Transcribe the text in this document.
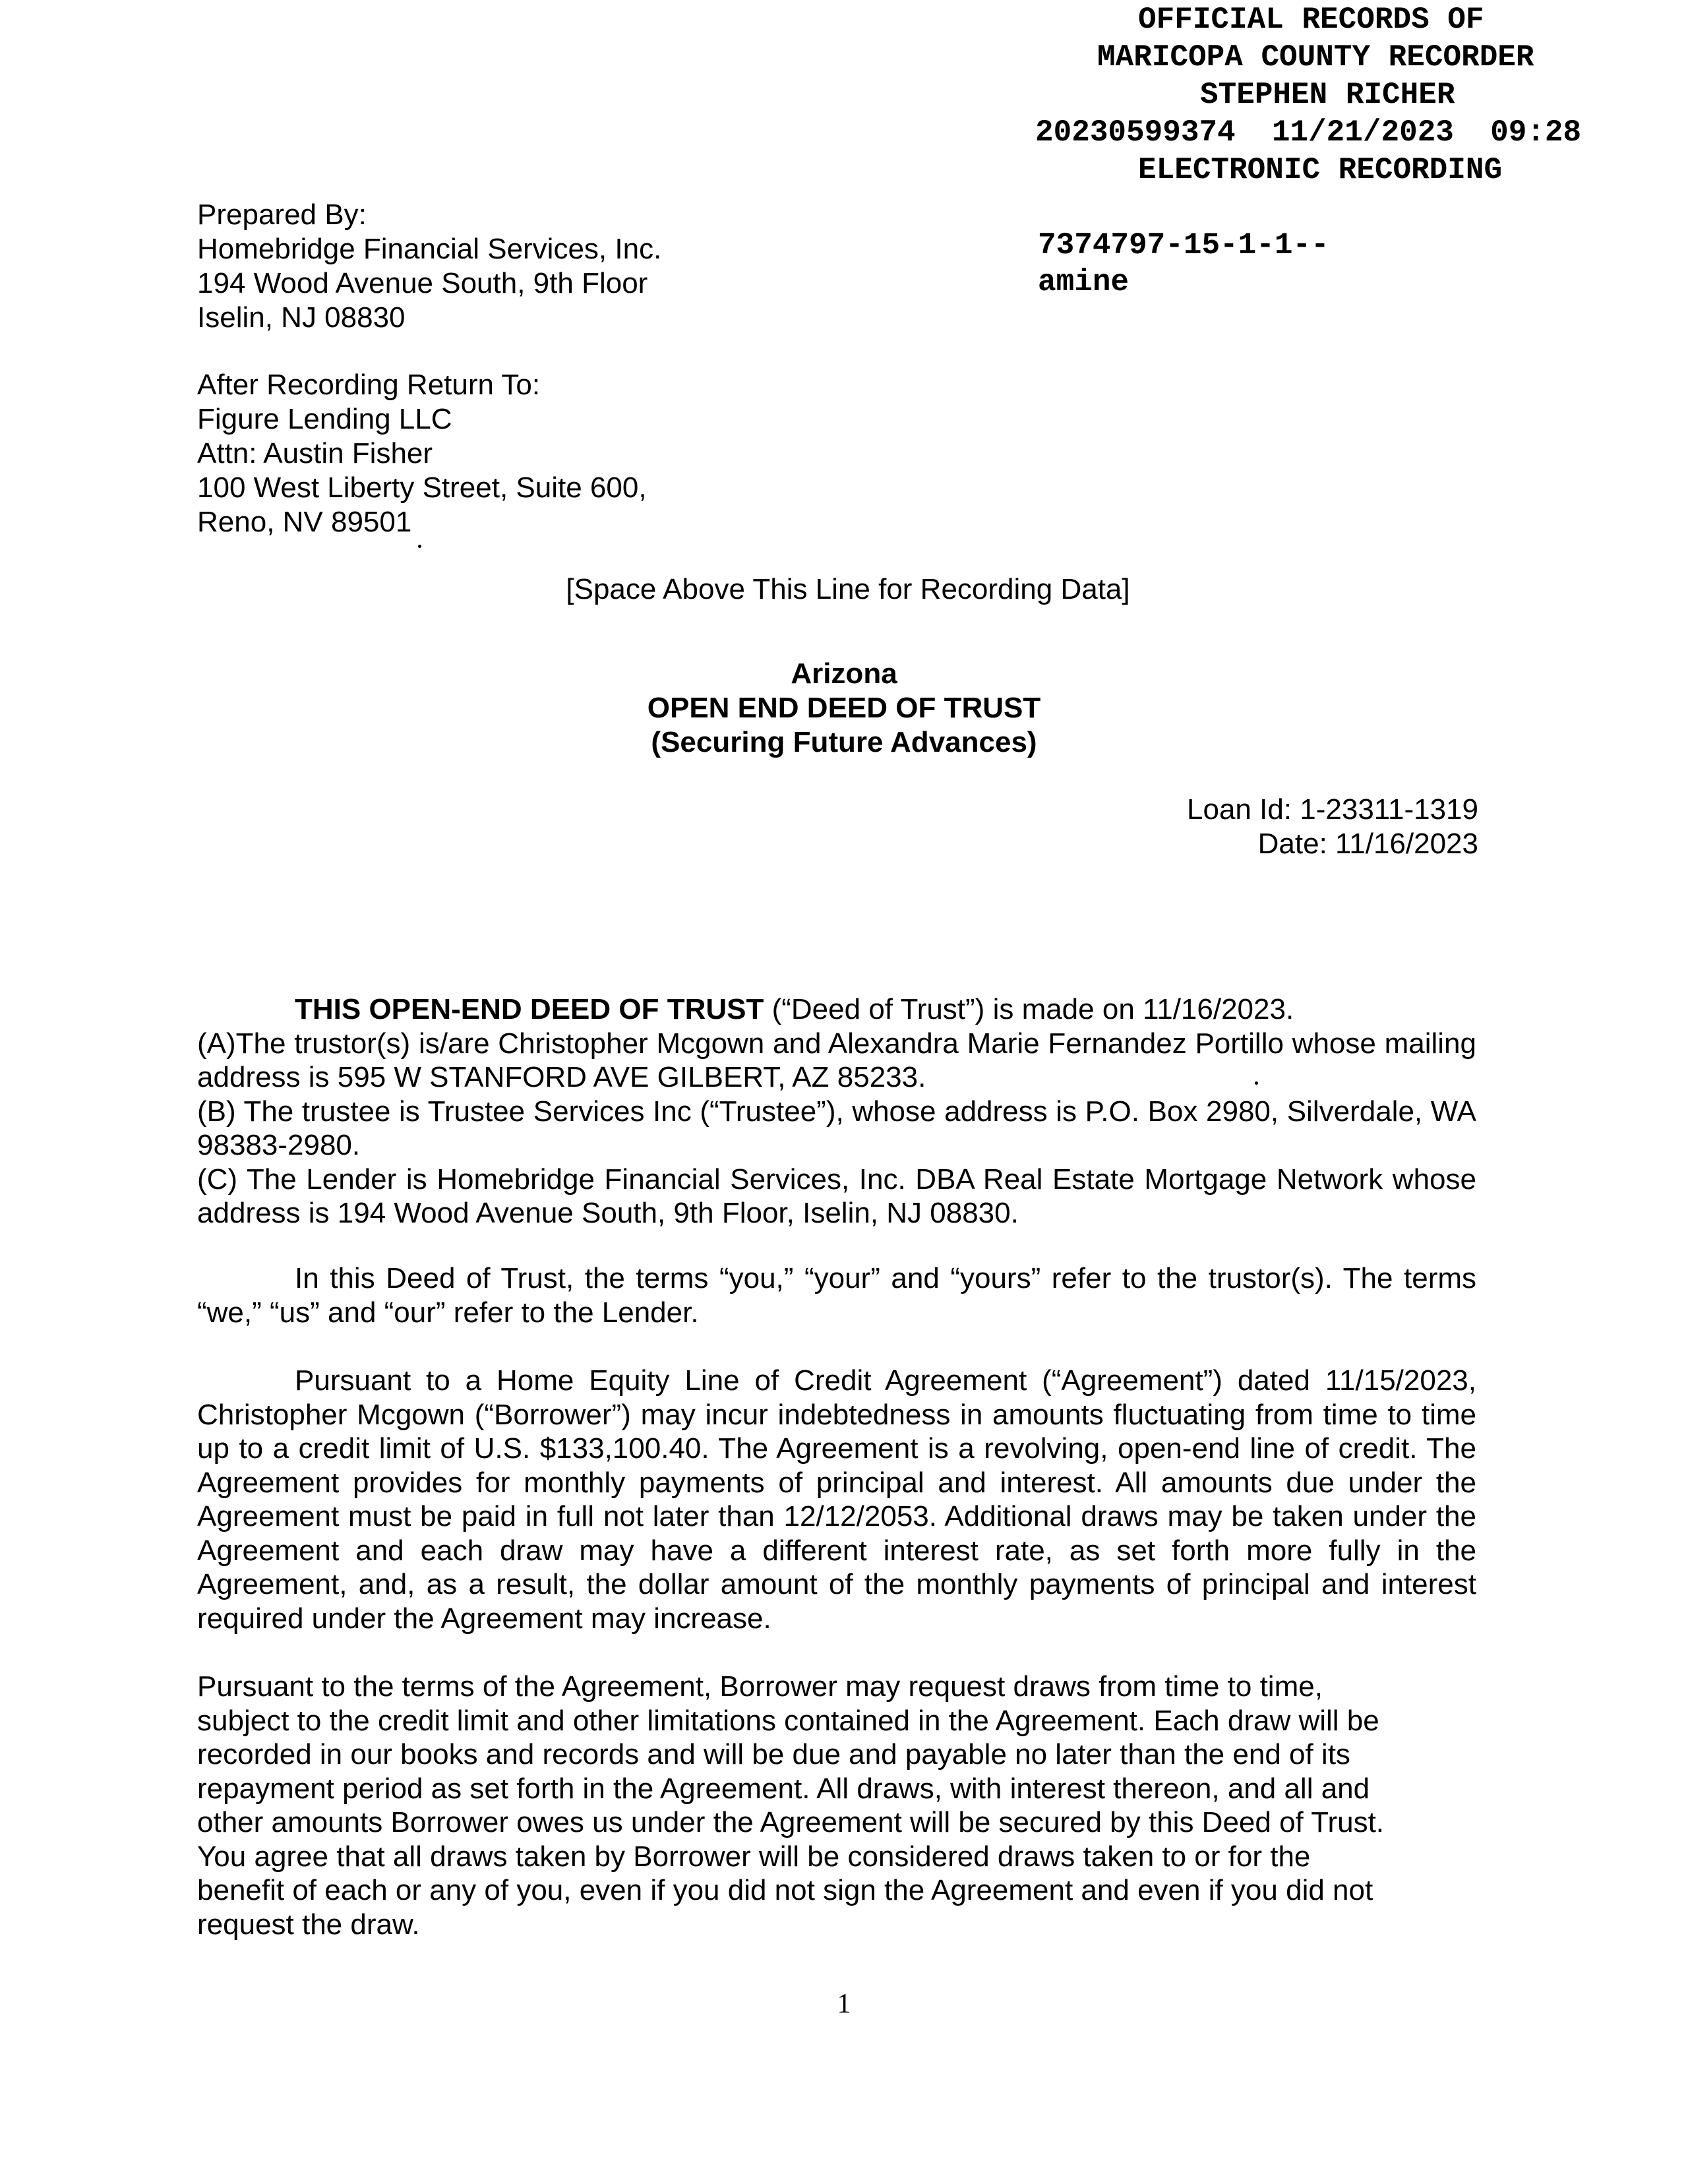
OFFICIAL RECORDS OF
MARICOPA COUNTY RECORDER
STEPHEN RICHER
20230599374  11/21/2023  09:28
ELECTRONIC RECORDING
7374797-15-1-1--
amine
Prepared By:
Homebridge Financial Services, Inc.
194 Wood Avenue South, 9th Floor
Iselin, NJ 08830
After Recording Return To:
Figure Lending LLC
Attn: Austin Fisher
100 West Liberty Street, Suite 600,
Reno, NV 89501
[Space Above This Line for Recording Data]
Arizona
OPEN END DEED OF TRUST
(Securing Future Advances)
Loan Id: 1-23311-1319
Date: 11/16/2023

THIS OPEN-END DEED OF TRUST (“Deed of Trust”) is made on 11/16/2023.

(A)The trustor(s) is/are Christopher Mcgown and Alexandra Marie Fernandez Portillo whose mailing address is 595 W STANFORD AVE GILBERT, AZ 85233.

(B) The trustee is Trustee Services Inc (“Trustee”), whose address is P.O. Box 2980, Silverdale, WA 98383-2980.

(C) The Lender is Homebridge Financial Services, Inc. DBA Real Estate Mortgage Network whose address is 194 Wood Avenue South, 9th Floor, Iselin, NJ 08830.

In this Deed of Trust, the terms “you,” “your” and “yours” refer to the trustor(s). The terms “we,” “us” and “our” refer to the Lender.

Pursuant to a Home Equity Line of Credit Agreement (“Agreement”) dated 11/15/2023, Christopher Mcgown (“Borrower”) may incur indebtedness in amounts fluctuating from time to time up to a credit limit of U.S. $133,100.40. The Agreement is a revolving, open-end line of credit. The Agreement provides for monthly payments of principal and interest. All amounts due under the Agreement must be paid in full not later than 12/12/2053. Additional draws may be taken under the Agreement and each draw may have a different interest rate, as set forth more fully in the Agreement, and, as a result, the dollar amount of the monthly payments of principal and interest required under the Agreement may increase.

Pursuant to the terms of the Agreement, Borrower may request draws from time to time, subject to the credit limit and other limitations contained in the Agreement. Each draw will be recorded in our books and records and will be due and payable no later than the end of its repayment period as set forth in the Agreement. All draws, with interest thereon, and all and other amounts Borrower owes us under the Agreement will be secured by this Deed of Trust. You agree that all draws taken by Borrower will be considered draws taken to or for the benefit of each or any of you, even if you did not sign the Agreement and even if you did not request the draw.

1
